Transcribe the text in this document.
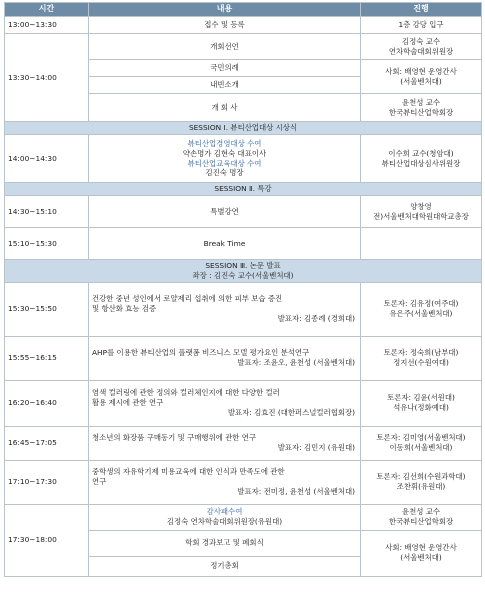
시간	내용	진행
13:00~13:30	접수 및 등록	1층 강당 입구
13:30~14:00	개회선언	김정숙 교수
연차학술대회위원장

	국민의례	사회: 배영현 운영간사
(서울벤처대)

	내빈소개	
	개 회 사	윤천성 교수
한국뷰티산업학회장

SESSION Ⅰ. 뷰티산업대상 시상식		
14:00~14:30	뷰티산업경영대상 수여
약손명가 김현숙 대표이사
뷰티산업교육대상 수여
김진숙 명장	이수희 교수(청암대)
뷰티산업대상심사위원장

SESSION Ⅱ. 특강		
14:30~15:10	특별강연	양창영
전)서울벤처대학원대학교총장

15:10~15:30	Break Time	

SESSION Ⅲ. 논문 발표
좌장 : 김진숙 교수(서울벤처대)		

15:30~15:50	건강한 중년 성인에서 로얄제리 섭취에 의한 피부 보습 증진
및 항산화 효능 검증
발표자: 김종례 (경희대)	토론자: 김유정(여주대)
유은주(서울벤처대)

15:55~16:15	AHP를 이용한 뷰티산업의 플랫폼 비즈니스 모델 평가요인 분석연구
발표자: 조윤오, 윤천성 (서울벤처대)	토론자: 정숙희(남부대)
정지선(수원여대)

16:20~16:40	염색 컬러링에 관한 정의와 컬러체인지에 대한 다양한 컬러
활용 제시에 관한 연구
발표자: 김효진 (대한퍼스널컬러협회장)	토론자: 김윤(서원대)
석유나(정화예대)

16:45~17:05	청소년의 화장품 구매동기 및 구매행위에 관한 연구
발표자: 김민지 (유원대)	토론자: 김미영(서울벤처대)
이동희(서울벤처대)

17:10~17:30	중학생의 자유학기제 미용교육에 대한 인식과 만족도에 관한
연구
발표자: 전미정, 윤천성 (서울벤처대)	토론자: 김선희(수원과학대)
조찬휘(유원대)

17:30~18:00	감사패수여
김정숙 연차학술대회위원장(유원대)	윤천성 교수
한국뷰티산업학회장

	학회 경과보고 및 폐회식	사회: 배영현 운영간사
(서울벤처대)

	정기총회	
